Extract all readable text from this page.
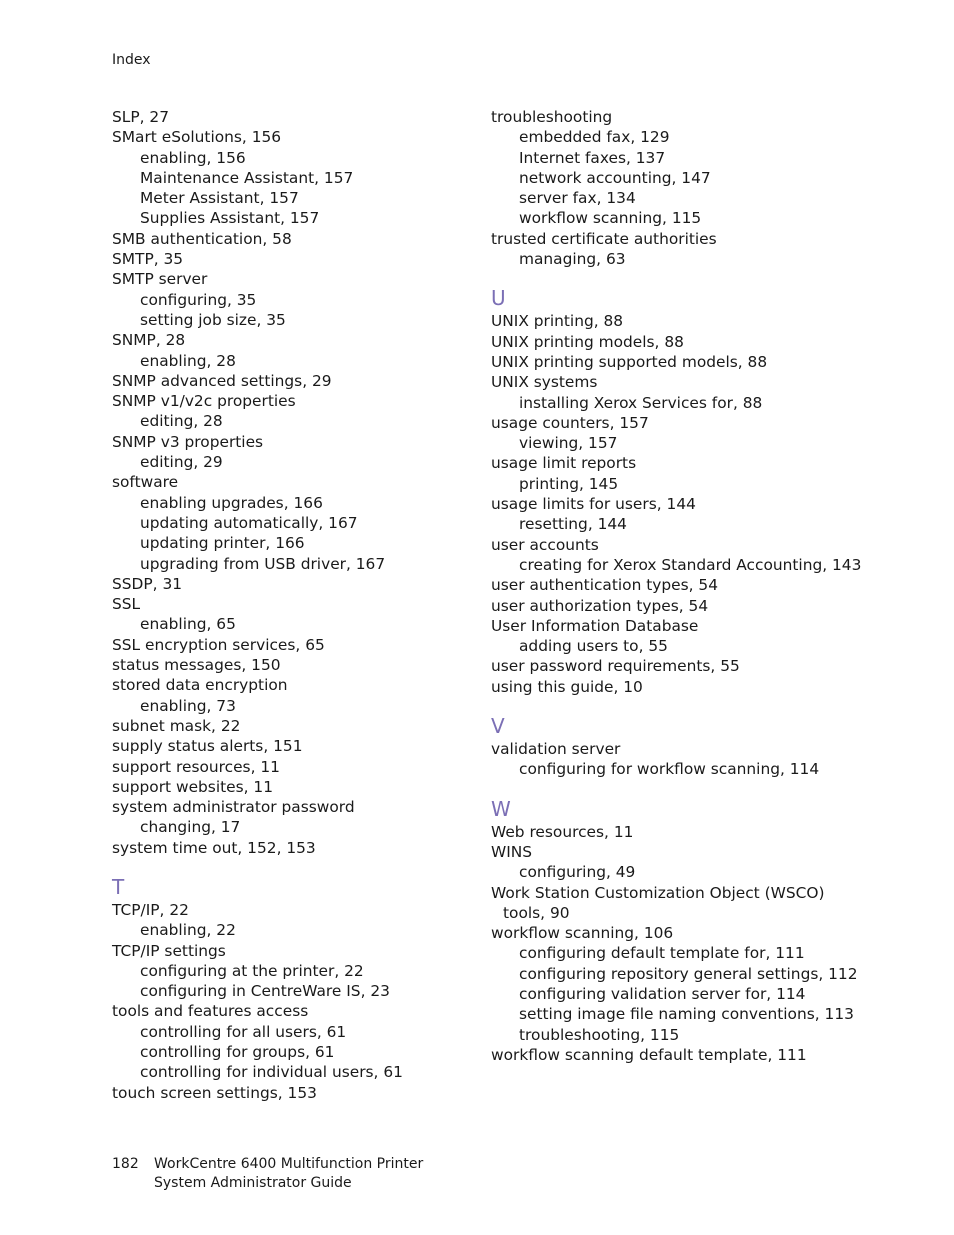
Index
SLP, 27
SMart eSolutions, 156
enabling, 156
Maintenance Assistant, 157
Meter Assistant, 157
Supplies Assistant, 157
SMB authentication, 58
SMTP, 35
SMTP server
configuring, 35
setting job size, 35
SNMP, 28
enabling, 28
SNMP advanced settings, 29
SNMP v1/v2c properties
editing, 28
SNMP v3 properties
editing, 29
software
enabling upgrades, 166
updating automatically, 167
updating printer, 166
upgrading from USB driver, 167
SSDP, 31
SSL
enabling, 65
SSL encryption services, 65
status messages, 150
stored data encryption
enabling, 73
subnet mask, 22
supply status alerts, 151
support resources, 11
support websites, 11
system administrator password
changing, 17
system time out, 152, 153
T
TCP/IP, 22
enabling, 22
TCP/IP settings
configuring at the printer, 22
configuring in CentreWare IS, 23
tools and features access
controlling for all users, 61
controlling for groups, 61
controlling for individual users, 61
touch screen settings, 153
troubleshooting
embedded fax, 129
Internet faxes, 137
network accounting, 147
server fax, 134
workflow scanning, 115
trusted certificate authorities
managing, 63
U
UNIX printing, 88
UNIX printing models, 88
UNIX printing supported models, 88
UNIX systems
installing Xerox Services for, 88
usage counters, 157
viewing, 157
usage limit reports
printing, 145
usage limits for users, 144
resetting, 144
user accounts
creating for Xerox Standard Accounting, 143
user authentication types, 54
user authorization types, 54
User Information Database
adding users to, 55
user password requirements, 55
using this guide, 10
V
validation server
configuring for workflow scanning, 114
W
Web resources, 11
WINS
configuring, 49
Work Station Customization Object (WSCO)
tools, 90
workflow scanning, 106
configuring default template for, 111
configuring repository general settings, 112
configuring validation server for, 114
setting image file naming conventions, 113
troubleshooting, 115
workflow scanning default template, 111
182 WorkCentre 6400 Multifunction Printer
System Administrator Guide
